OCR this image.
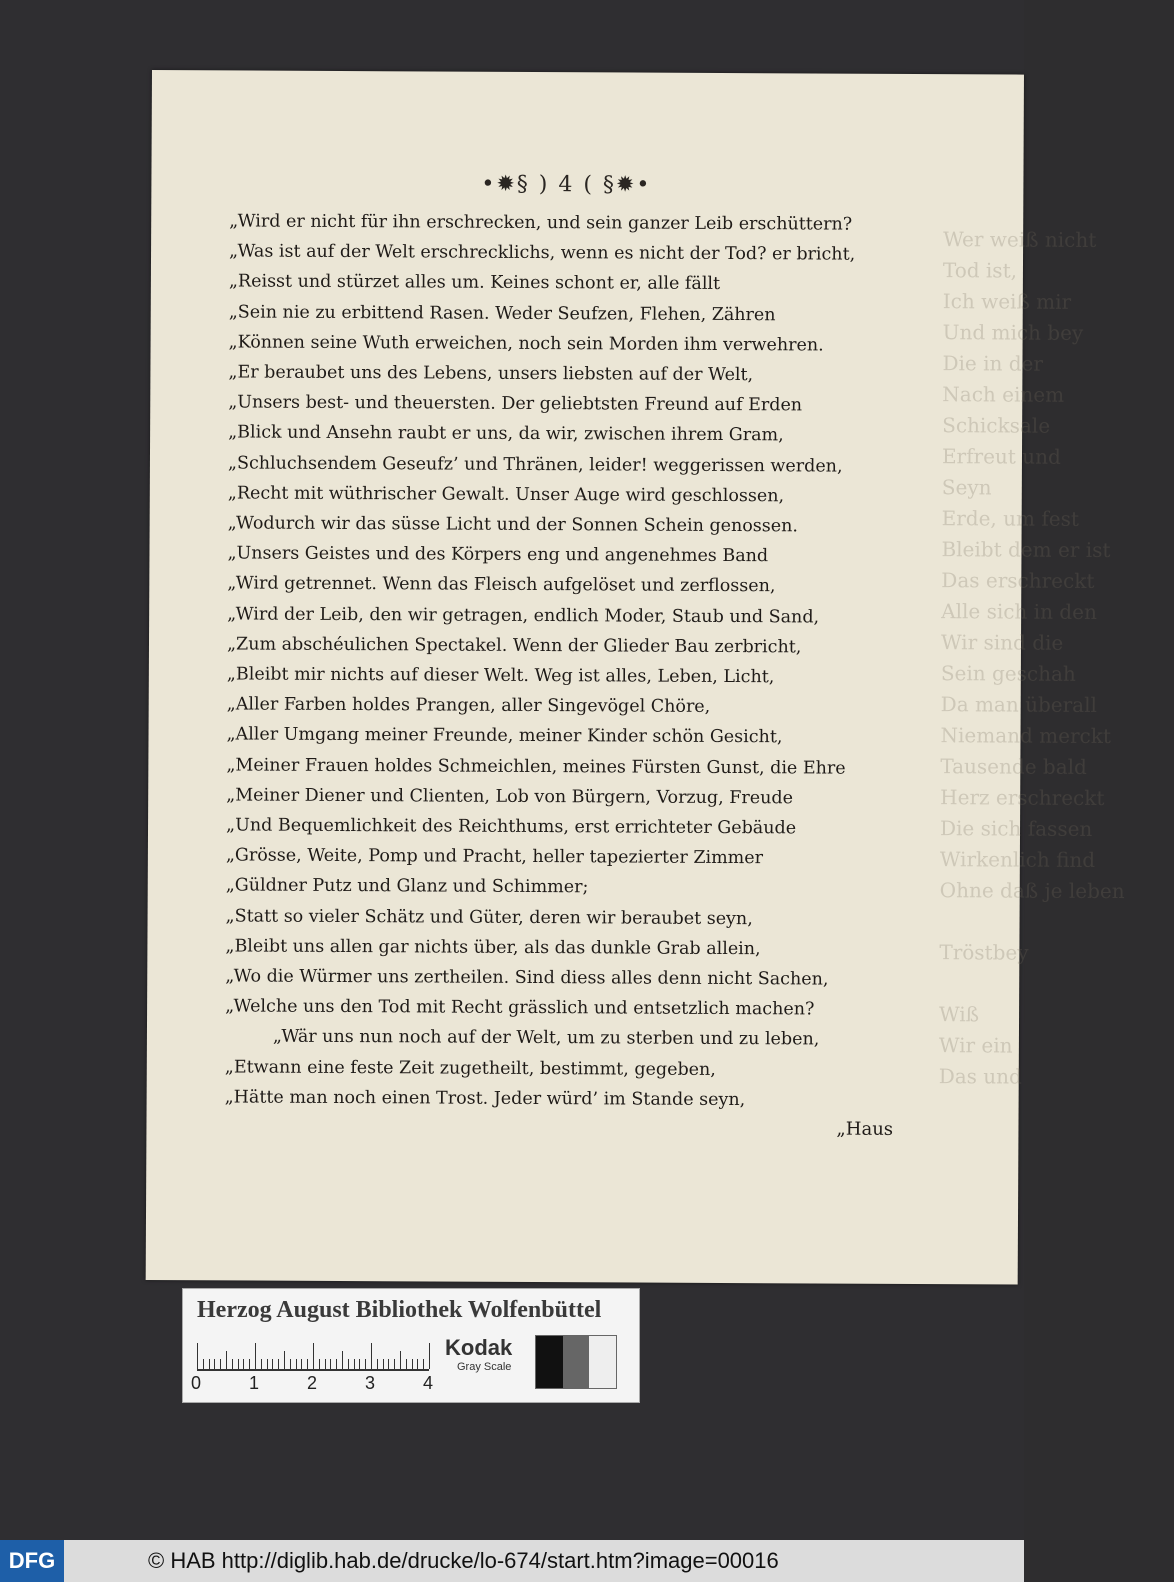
Wer weiß nicht
Tod ist,
Ich weiß mir
Und mich bey
Die in der
Nach einem
Schicksale
Erfreut und
Seyn
Erde, um fest
Bleibt dem er ist
Das erschreckt
Alle sich in den
Wir sind die
Sein geschah
Da man überall
Niemand merckt
Tausende bald
Herz erschreckt
Die sich fassen
Wirkenlich find
Ohne daß je leben

Tröstbey

Wiß
Wir ein
Das und
•✹§ ) 4 ( §✹•
„Wird er nicht für ihn erschrecken, und sein ganzer Leib erschüttern?
„Was ist auf der Welt erschrecklichs, wenn es nicht der Tod? er bricht,
„Reisst und stürzet alles um. Keines schont er, alle fällt
„Sein nie zu erbittend Rasen. Weder Seufzen, Flehen, Zähren
„Können seine Wuth erweichen, noch sein Morden ihm verwehren.
„Er beraubet uns des Lebens, unsers liebsten auf der Welt,
„Unsers best- und theuersten. Der geliebtsten Freund auf Erden
„Blick und Ansehn raubt er uns, da wir, zwischen ihrem Gram,
„Schluchsendem Geseufz’ und Thränen, leider! weggerissen werden,
„Recht mit wüthrischer Gewalt. Unser Auge wird geschlossen,
„Wodurch wir das süsse Licht und der Sonnen Schein genossen.
„Unsers Geistes und des Körpers eng und angenehmes Band
„Wird getrennet. Wenn das Fleisch aufgelöset und zerflossen,
„Wird der Leib, den wir getragen, endlich Moder, Staub und Sand,
„Zum abschéulichen Spectakel. Wenn der Glieder Bau zerbricht,
„Bleibt mir nichts auf dieser Welt. Weg ist alles, Leben, Licht,
„Aller Farben holdes Prangen, aller Singevögel Chöre,
„Aller Umgang meiner Freunde, meiner Kinder schön Gesicht,
„Meiner Frauen holdes Schmeichlen, meines Fürsten Gunst, die Ehre
„Meiner Diener und Clienten, Lob von Bürgern, Vorzug, Freude
„Und Bequemlichkeit des Reichthums, erst errichteter Gebäude
„Grösse, Weite, Pomp und Pracht, heller tapezierter Zimmer
„Güldner Putz und Glanz und Schimmer;
„Statt so vieler Schätz und Güter, deren wir beraubet seyn,
„Bleibt uns allen gar nichts über, als das dunkle Grab allein,
„Wo die Würmer uns zertheilen. Sind diess alles denn nicht Sachen,
„Welche uns den Tod mit Recht grässlich und entsetzlich machen?
„Wär uns nun noch auf der Welt, um zu sterben und zu leben,
„Etwann eine feste Zeit zugetheilt, bestimmt, gegeben,
„Hätte man noch einen Trost. Jeder würd’ im Stande seyn,
„Haus
Herzog August Bibliothek Wolfenbüttel
0	1	2	3	4
Kodak
Gray Scale
DFG	© HAB http://diglib.hab.de/drucke/lo-674/start.htm?image=00016
